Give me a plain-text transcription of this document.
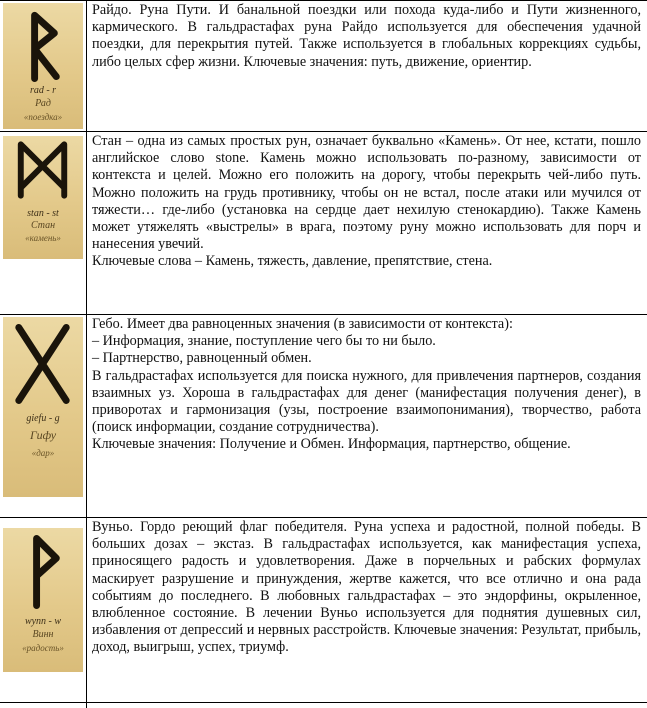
rad - r
Рад
«поездка»

Райдо. Руна Пути. И банальной поездки или похода куда-либо и Пути жизненного, кармического. В гальдрастафах руна Райдо используется для обеспечения удачной поездки, для перекрытия путей. Также используется в глобальных коррекциях судьбы, либо целых сфер жизни. Ключевые значения: путь, движение, ориентир.

stan - st
Стан
«камень»

Стан – одна из самых простых рун, означает буквально «Камень». От нее, кстати, пошло английское слово stone. Камень можно использовать по-разному, зависимости от контекста и целей. Можно его положить на дорогу, чтобы перекрыть чей-либо путь. Можно положить на грудь противнику, чтобы он не встал, после атаки или мучился от тяжести… где-либо (установка на сердце дает нехилую стенокардию). Также Камень может утяжелять «выстрелы» в врага, поэтому руну можно использовать для порч и нанесения увечий.

Ключевые слова – Камень, тяжесть, давление, препятствие, стена.

giefu - g
Гифу
«дар»

Гебо. Имеет два равноценных значения (в зависимости от контекста):

– Информация, знание, поступление чего бы то ни было.

– Партнерство, равноценный обмен.

В гальдрастафах используется для поиска нужного, для привлечения партнеров, создания взаимных уз. Хороша в гальдрастафах для денег (манифестация получения денег), в приворотах и гармонизация (узы, построение взаимопонимания), творчество, работа (поиск информации, создание сотрудничества).

Ключевые значения: Получение и Обмен. Информация, партнерство, общение.

wynn - w
Винн
«радость»

Вуньо. Гордо реющий флаг победителя. Руна успеха и радостной, полной победы. В больших дозах – экстаз. В гальдрастафах используется, как манифестация успеха, приносящего радость и удовлетворения. Даже в порчельных и рабских формулах маскирует разрушение и принуждения, жертве кажется, что все отлично и она рада событиям до последнего. В любовных гальдрастафах – это эндорфины, окрыленное, влюбленное состояние. В лечении Вуньо используется для поднятия душевных сил, избавления от депрессий и нервных расстройств. Ключевые значения: Результат, прибыль, доход, выигрыш, успех, триумф.
